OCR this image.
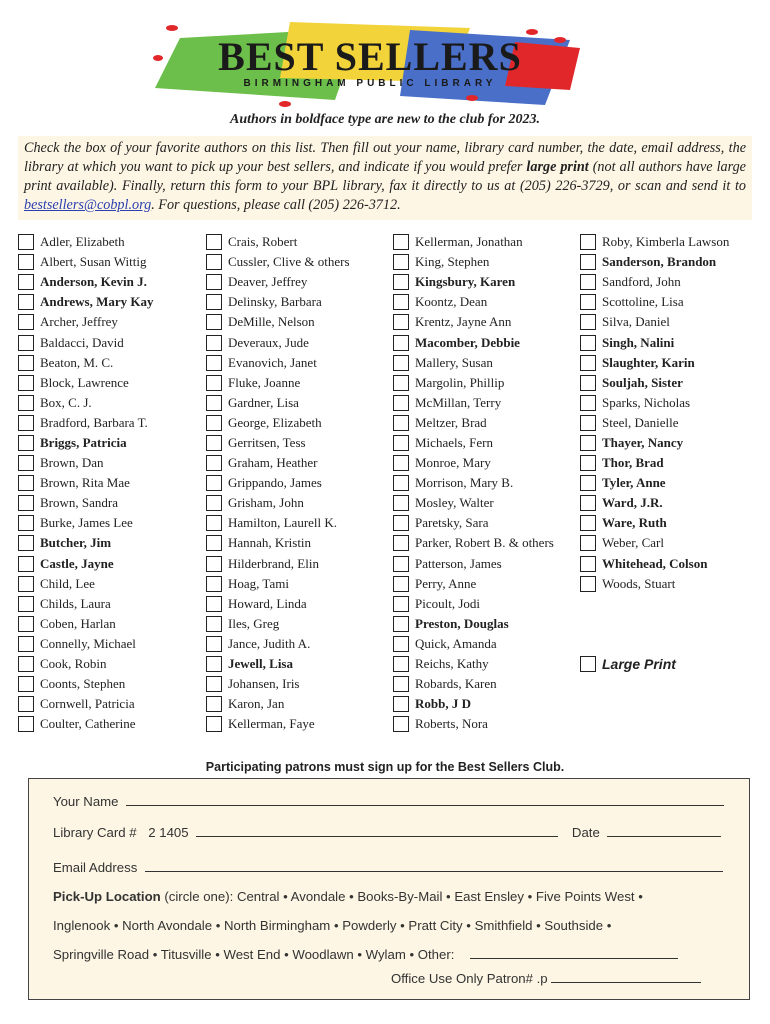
BEST SELLERS
BIRMINGHAM PUBLIC LIBRARY
Authors in boldface type are new to the club for 2023.
Check the box of your favorite authors on this list. Then fill out your name, library card number, the date, email address, the library at which you want to pick up your best sellers, and indicate if you would prefer large print (not all authors have large print available). Finally, return this form to your BPL library, fax it directly to us at (205) 226-3729, or scan and send it to bestsellers@cobpl.org. For questions, please call (205) 226-3712.
Adler, Elizabeth
Albert, Susan Wittig
Anderson, Kevin J.
Andrews, Mary Kay
Archer, Jeffrey
Baldacci, David
Beaton, M. C.
Block, Lawrence
Box, C. J.
Bradford, Barbara T.
Briggs, Patricia
Brown, Dan
Brown, Rita Mae
Brown, Sandra
Burke, James Lee
Butcher, Jim
Castle, Jayne
Child, Lee
Childs, Laura
Coben, Harlan
Connelly, Michael
Cook, Robin
Coonts, Stephen
Cornwell, Patricia
Coulter, Catherine
Crais, Robert
Cussler, Clive & others
Deaver, Jeffrey
Delinsky, Barbara
DeMille, Nelson
Deveraux, Jude
Evanovich, Janet
Fluke, Joanne
Gardner, Lisa
George, Elizabeth
Gerritsen, Tess
Graham, Heather
Grippando, James
Grisham, John
Hamilton, Laurell K.
Hannah, Kristin
Hilderbrand, Elin
Hoag, Tami
Howard, Linda
Iles, Greg
Jance, Judith A.
Jewell, Lisa
Johansen, Iris
Karon, Jan
Kellerman, Faye
Kellerman, Jonathan
King, Stephen
Kingsbury, Karen
Koontz, Dean
Krentz, Jayne Ann
Macomber, Debbie
Mallery, Susan
Margolin, Phillip
McMillan, Terry
Meltzer, Brad
Michaels, Fern
Monroe, Mary
Morrison, Mary B.
Mosley, Walter
Paretsky, Sara
Parker, Robert B. & others
Patterson, James
Perry, Anne
Picoult, Jodi
Preston, Douglas
Quick, Amanda
Reichs, Kathy
Robards, Karen
Robb, J D
Roberts, Nora
Roby, Kimberla Lawson
Sanderson, Brandon
Sandford, John
Scottoline, Lisa
Silva, Daniel
Singh, Nalini
Slaughter, Karin
Souljah, Sister
Sparks, Nicholas
Steel, Danielle
Thayer, Nancy
Thor, Brad
Tyler, Anne
Ward, J.R.
Ware, Ruth
Weber, Carl
Whitehead, Colson
Woods, Stuart
Large Print
Participating patrons must sign up for the Best Sellers Club.
Your Name
Library Card # 2 1405	Date
Email Address
Pick-Up Location (circle one): Central • Avondale • Books-By-Mail • East Ensley • Five Points West •
Inglenook • North Avondale • North Birmingham • Powderly • Pratt City • Smithfield • Southside •
Springville Road • Titusville • West End • Woodlawn • Wylam • Other:
Office Use Only Patron# .p
